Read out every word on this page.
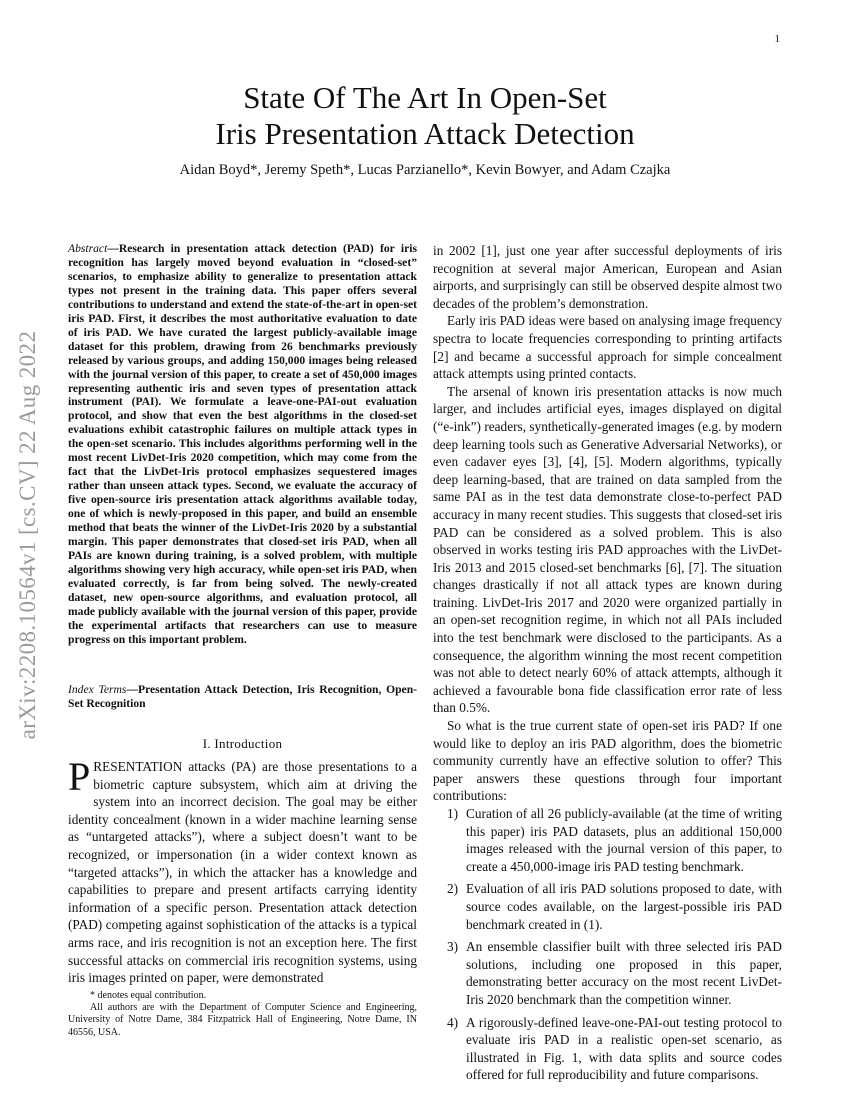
1
arXiv:2208.10564v1 [cs.CV] 22 Aug 2022
State Of The Art In Open-Set
Iris Presentation Attack Detection
Aidan Boyd*, Jeremy Speth*, Lucas Parzianello*, Kevin Bowyer, and Adam Czajka
Abstract—Research in presentation attack detection (PAD) for iris recognition has largely moved beyond evaluation in “closed-set” scenarios, to emphasize ability to generalize to presentation attack types not present in the training data. This paper offers several contributions to understand and extend the state-of-the-art in open-set iris PAD. First, it describes the most authoritative evaluation to date of iris PAD. We have curated the largest publicly-available image dataset for this problem, drawing from 26 benchmarks previously released by various groups, and adding 150,000 images being released with the journal version of this paper, to create a set of 450,000 images representing authentic iris and seven types of presentation attack instrument (PAI). We formulate a leave-one-PAI-out evaluation protocol, and show that even the best algorithms in the closed-set evaluations exhibit catastrophic failures on multiple attack types in the open-set scenario. This includes algorithms performing well in the most recent LivDet-Iris 2020 competition, which may come from the fact that the LivDet-Iris protocol emphasizes sequestered images rather than unseen attack types. Second, we evaluate the accuracy of five open-source iris presentation attack algorithms available today, one of which is newly-proposed in this paper, and build an ensemble method that beats the winner of the LivDet-Iris 2020 by a substantial margin. This paper demonstrates that closed-set iris PAD, when all PAIs are known during training, is a solved problem, with multiple algorithms showing very high accuracy, while open-set iris PAD, when evaluated correctly, is far from being solved. The newly-created dataset, new open-source algorithms, and evaluation protocol, all made publicly available with the journal version of this paper, provide the experimental artifacts that researchers can use to measure progress on this important problem.
Index Terms—Presentation Attack Detection, Iris Recognition, Open-Set Recognition
I. Introduction

PRESENTATION attacks (PA) are those presentations to a biometric capture subsystem, which aim at driving the system into an incorrect decision. The goal may be either identity concealment (known in a wider machine learning sense as “untargeted attacks”), where a subject doesn’t want to be recognized, or impersonation (in a wider context known as “targeted attacks”), in which the attacker has a knowledge and capabilities to prepare and present artifacts carrying identity information of a specific person. Presentation attack detection (PAD) competing against sophistication of the attacks is a typical arms race, and iris recognition is not an exception here. The first successful attacks on commercial iris recognition systems, using iris images printed on paper, were demonstrated

* denotes equal contribution.

All authors are with the Department of Computer Science and Engineering, University of Notre Dame, 384 Fitzpatrick Hall of Engineering, Notre Dame, IN 46556, USA.

in 2002 [1], just one year after successful deployments of iris recognition at several major American, European and Asian airports, and surprisingly can still be observed despite almost two decades of the problem’s demonstration.

Early iris PAD ideas were based on analysing image frequency spectra to locate frequencies corresponding to printing artifacts [2] and became a successful approach for simple concealment attack attempts using printed contacts.

The arsenal of known iris presentation attacks is now much larger, and includes artificial eyes, images displayed on digital (“e-ink”) readers, synthetically-generated images (e.g. by modern deep learning tools such as Generative Adversarial Networks), or even cadaver eyes [3], [4], [5]. Modern algorithms, typically deep learning-based, that are trained on data sampled from the same PAI as in the test data demonstrate close-to-perfect PAD accuracy in many recent studies. This suggests that closed-set iris PAD can be considered as a solved problem. This is also observed in works testing iris PAD approaches with the LivDet-Iris 2013 and 2015 closed-set benchmarks [6], [7]. The situation changes drastically if not all attack types are known during training. LivDet-Iris 2017 and 2020 were organized partially in an open-set recognition regime, in which not all PAIs included into the test benchmark were disclosed to the participants. As a consequence, the algorithm winning the most recent competition was not able to detect nearly 60% of attack attempts, although it achieved a favourable bona fide classification error rate of less than 0.5%.

So what is the true current state of open-set iris PAD? If one would like to deploy an iris PAD algorithm, does the biometric community currently have an effective solution to offer? This paper answers these questions through four important contributions:

1) Curation of all 26 publicly-available (at the time of writing this paper) iris PAD datasets, plus an additional 150,000 images released with the journal version of this paper, to create a 450,000-image iris PAD testing benchmark.
2) Evaluation of all iris PAD solutions proposed to date, with source codes available, on the largest-possible iris PAD benchmark created in (1).
3) An ensemble classifier built with three selected iris PAD solutions, including one proposed in this paper, demonstrating better accuracy on the most recent LivDet-Iris 2020 benchmark than the competition winner.
4) A rigorously-defined leave-one-PAI-out testing protocol to evaluate iris PAD in a realistic open-set scenario, as illustrated in Fig. 1, with data splits and source codes offered for full reproducibility and future comparisons.
